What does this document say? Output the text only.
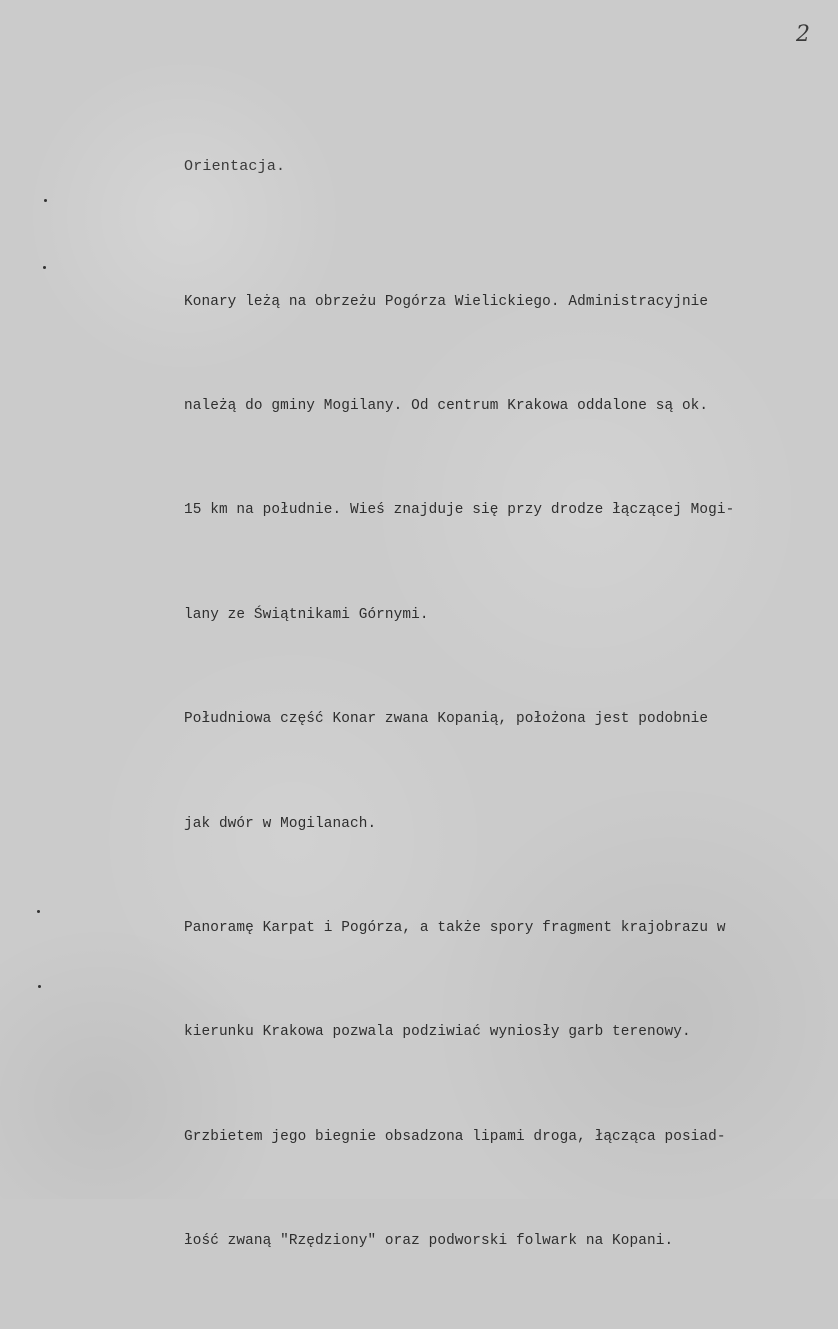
2
Orientacja.

Konary leżą na obrzeżu Pogórza Wielickiego. Administracyjnie

należą do gminy Mogilany. Od centrum Krakowa oddalone są ok.

15 km na południe. Wieś znajduje się przy drodze łączącej Mogi-

lany ze Świątnikami Górnymi.

Południowa część Konar zwana Kopanią, położona jest podobnie

jak dwór w Mogilanach.

Panoramę Karpat i Pogórza, a także spory fragment krajobrazu w

kierunku Krakowa pozwala podziwiać wyniosły garb terenowy.

Grzbietem jego biegnie obsadzona lipami droga, łącząca posiad-

łość zwaną "Rzędziony" oraz podworski folwark na Kopani.
